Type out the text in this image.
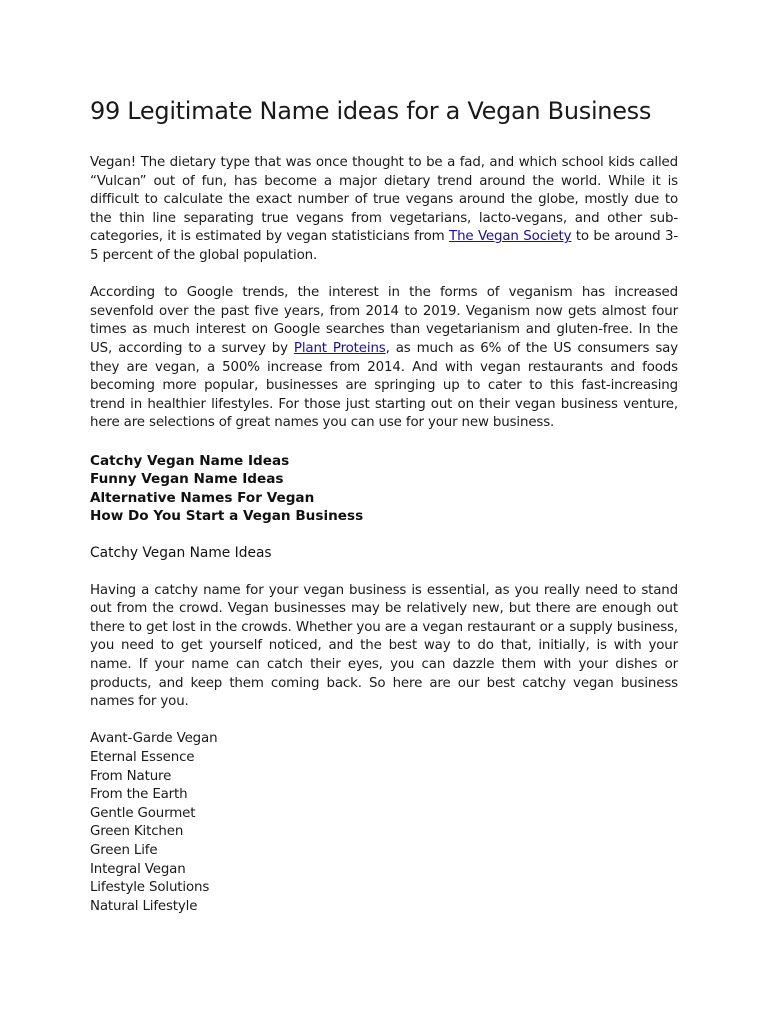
99 Legitimate Name ideas for a Vegan Business

Vegan! The dietary type that was once thought to be a fad, and which school kids called “Vulcan” out of fun, has become a major dietary trend around the world. While it is difficult to calculate the exact number of true vegans around the globe, mostly due to the thin line separating true vegans from vegetarians, lacto-vegans, and other sub-categories, it is estimated by vegan statisticians from The Vegan Society to be around 3-5 percent of the global population.

According to Google trends, the interest in the forms of veganism has increased sevenfold over the past five years, from 2014 to 2019. Veganism now gets almost four times as much interest on Google searches than vegetarianism and gluten-free. In the US, according to a survey by Plant Proteins, as much as 6% of the US consumers say they are vegan, a 500% increase from 2014. And with vegan restaurants and foods becoming more popular, businesses are springing up to cater to this fast-increasing trend in healthier lifestyles. For those just starting out on their vegan business venture, here are selections of great names you can use for your new business.

Catchy Vegan Name Ideas
Funny Vegan Name Ideas
Alternative Names For Vegan
How Do You Start a Vegan Business
Catchy Vegan Name Ideas

Having a catchy name for your vegan business is essential, as you really need to stand out from the crowd. Vegan businesses may be relatively new, but there are enough out there to get lost in the crowds. Whether you are a vegan restaurant or a supply business, you need to get yourself noticed, and the best way to do that, initially, is with your name. If your name can catch their eyes, you can dazzle them with your dishes or products, and keep them coming back. So here are our best catchy vegan business names for you.

Avant-Garde Vegan
Eternal Essence
From Nature
From the Earth
Gentle Gourmet
Green Kitchen
Green Life
Integral Vegan
Lifestyle Solutions
Natural Lifestyle
